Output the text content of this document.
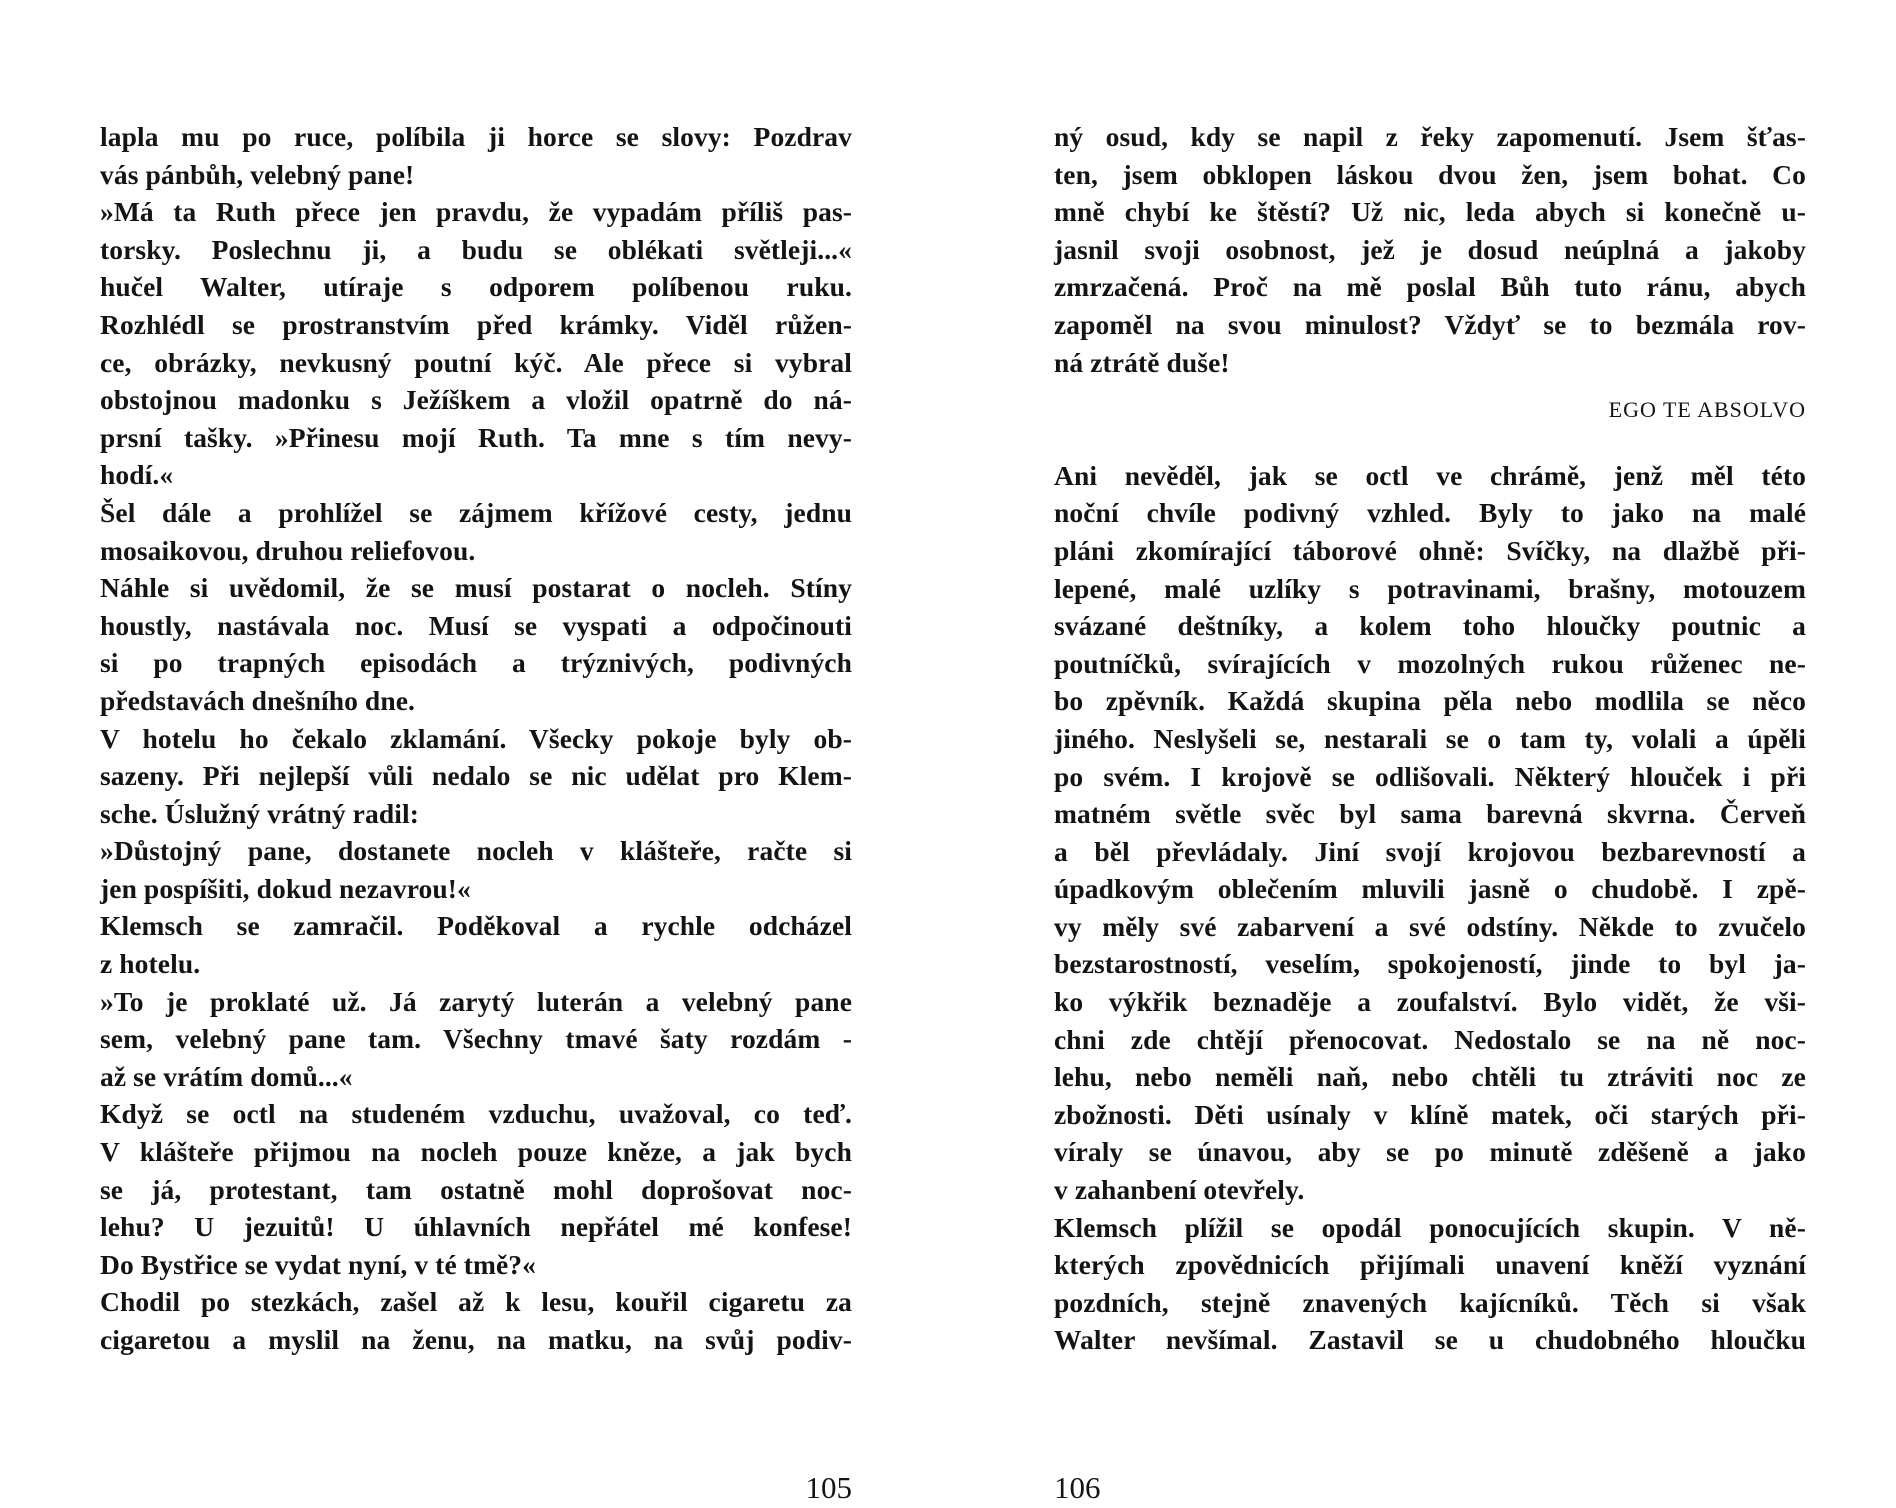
lapla mu po ruce, políbila ji horce se slovy: Pozdrav
vás pánbůh, velebný pane!
»Má ta Ruth přece jen pravdu, že vypadám příliš pas-
torsky. Poslechnu ji, a budu se oblékati světleji...«
hučel Walter, utíraje s odporem políbenou ruku.
Rozhlédl se prostranstvím před krámky. Viděl růžen-
ce, obrázky, nevkusný poutní kýč. Ale přece si vybral
obstojnou madonku s Ježíškem a vložil opatrně do ná-
prsní tašky. »Přinesu mojí Ruth. Ta mne s tím nevy-
hodí.«
Šel dále a prohlížel se zájmem křížové cesty, jednu
mosaikovou, druhou reliefovou.
Náhle si uvědomil, že se musí postarat o nocleh. Stíny
houstly, nastávala noc. Musí se vyspati a odpočinouti
si po trapných episodách a trýznivých, podivných
představách dnešního dne.
V hotelu ho čekalo zklamání. Všecky pokoje byly ob-
sazeny. Při nejlepší vůli nedalo se nic udělat pro Klem-
sche. Úslužný vrátný radil:
»Důstojný pane, dostanete nocleh v klášteře, račte si
jen pospíšiti, dokud nezavrou!«
Klemsch se zamračil. Poděkoval a rychle odcházel
z hotelu.
»To je proklaté už. Já zarytý luterán a velebný pane
sem, velebný pane tam. Všechny tmavé šaty rozdám -
až se vrátím domů...«
Když se octl na studeném vzduchu, uvažoval, co teď.
V klášteře přijmou na nocleh pouze kněze, a jak bych
se já, protestant, tam ostatně mohl doprošovat noc-
lehu? U jezuitů! U úhlavních nepřátel mé konfese!
Do Bystřice se vydat nyní, v té tmě?«
Chodil po stezkách, zašel až k lesu, kouřil cigaretu za
cigaretou a myslil na ženu, na matku, na svůj podiv-
105
ný osud, kdy se napil z řeky zapomenutí. Jsem šťas-
ten, jsem obklopen láskou dvou žen, jsem bohat. Co
mně chybí ke štěstí? Už nic, leda abych si konečně u-
jasnil svoji osobnost, jež je dosud neúplná a jakoby
zmrzačená. Proč na mě poslal Bůh tuto ránu, abych
zapoměl na svou minulost? Vždyť se to bezmála rov-
ná ztrátě duše!
EGO TE ABSOLVO
Ani nevěděl, jak se octl ve chrámě, jenž měl této
noční chvíle podivný vzhled. Byly to jako na malé
pláni zkomírající táborové ohně: Svíčky, na dlažbě při-
lepené, malé uzlíky s potravinami, brašny, motouzem
svázané deštníky, a kolem toho hloučky poutnic a
poutníčků, svírajících v mozolných rukou růženec ne-
bo zpěvník. Každá skupina pěla nebo modlila se něco
jiného. Neslyšeli se, nestarali se o tam ty, volali a úpěli
po svém. I krojově se odlišovali. Některý hlouček i při
matném světle svěc byl sama barevná skvrna. Červeň
a běl převládaly. Jiní svojí krojovou bezbarevností a
úpadkovým oblečením mluvili jasně o chudobě. I zpě-
vy měly své zabarvení a své odstíny. Někde to zvučelo
bezstarostností, veselím, spokojeností, jinde to byl ja-
ko výkřik beznaděje a zoufalství. Bylo vidět, že vši-
chni zde chtějí přenocovat. Nedostalo se na ně noc-
lehu, nebo neměli naň, nebo chtěli tu ztráviti noc ze
zbožnosti. Děti usínaly v klíně matek, oči starých při-
víraly se únavou, aby se po minutě zděšeně a jako
v zahanbení otevřely.
Klemsch plížil se opodál ponocujících skupin. V ně-
kterých zpovědnicích přijímali unavení kněží vyznání
pozdních, stejně znavených kajícníků. Těch si však
Walter nevšímal. Zastavil se u chudobného hloučku
106
